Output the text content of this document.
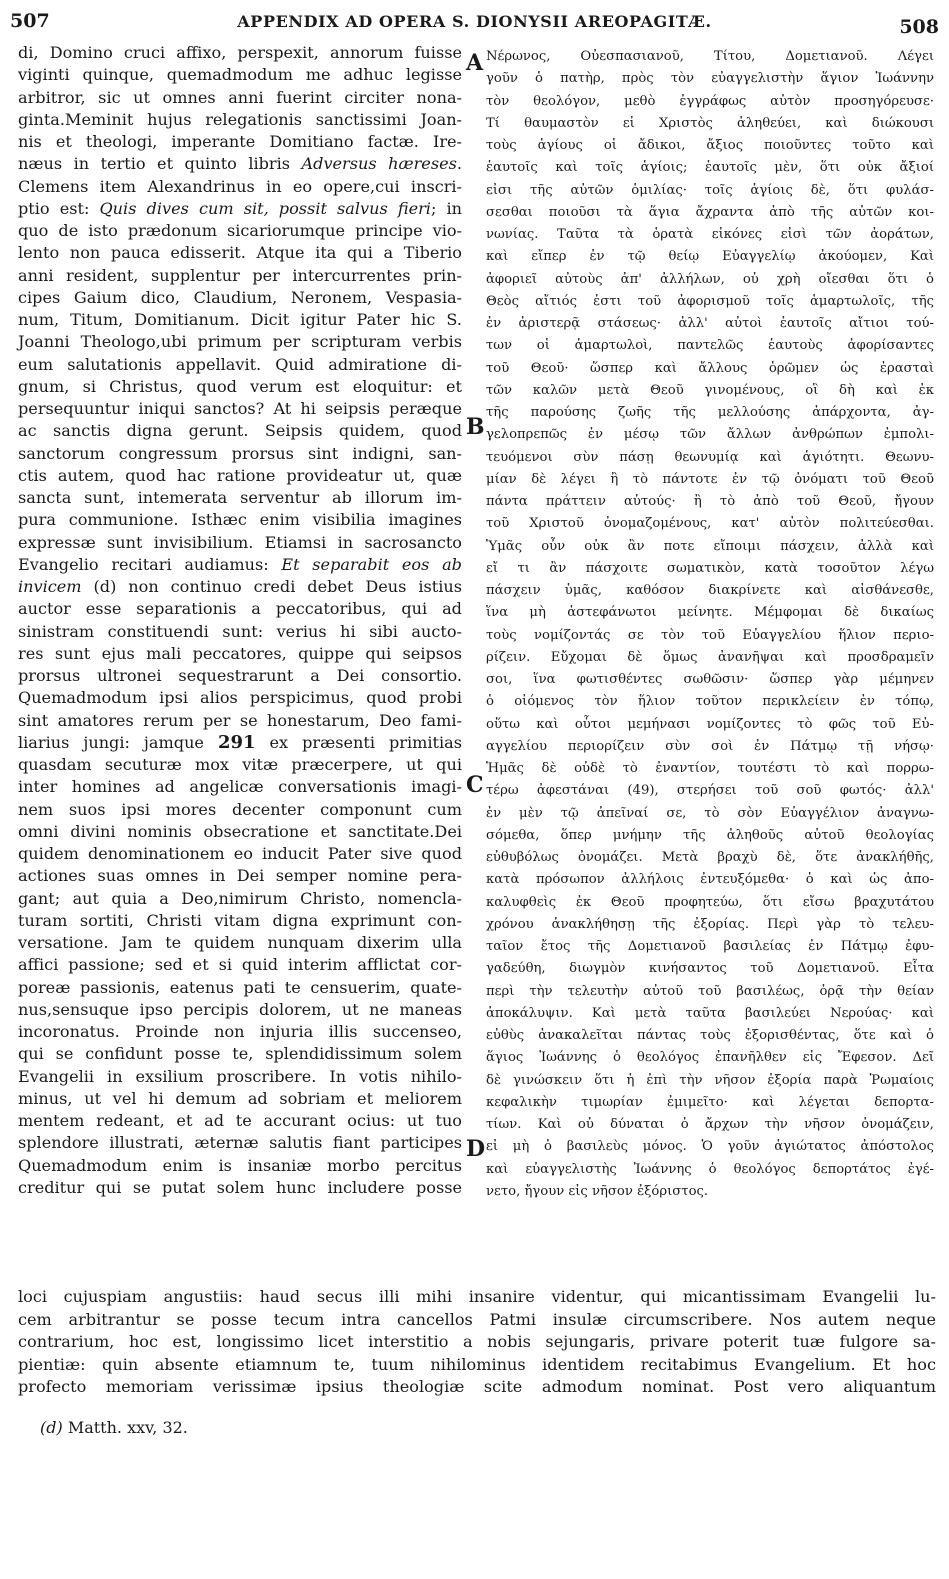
507	APPENDIX AD OPERA S. DIONYSII AREOPAGITÆ.	508
di, Domino cruci affixo, perspexit, annorum fuisse
viginti quinque, quemadmodum me adhuc legisse
arbitror, sic ut omnes anni fuerint circiter nona-
ginta.Meminit hujus relegationis sanctissimi Joan-
nis et theologi, imperante Domitiano factæ. Ire-
næus in tertio et quinto libris Adversus hæreses.
Clemens item Alexandrinus in eo opere,cui inscri-
ptio est: Quis dives cum sit, possit salvus fieri; in
quo de isto prædonum sicariorumque principe vio-
lento non pauca edisserit. Atque ita qui a Tiberio
anni resident, supplentur per intercurrentes prin-
cipes Gaium dico, Claudium, Neronem, Vespasia-
num, Titum, Domitianum. Dicit igitur Pater hic S.
Joanni Theologo,ubi primum per scripturam verbis
eum salutationis appellavit. Quid admiratione di-
gnum, si Christus, quod verum est eloquitur: et
persequuntur iniqui sanctos? At hi seipsis peræque
ac sanctis digna gerunt. Seipsis quidem, quod
sanctorum congressum prorsus sint indigni, san-
ctis autem, quod hac ratione provideatur ut, quæ
sancta sunt, intemerata serventur ab illorum im-
pura communione. Isthæc enim visibilia imagines
expressæ sunt invisibilium. Etiamsi in sacrosancto
Evangelio recitari audiamus: Et separabit eos ab
invicem (d) non continuo credi debet Deus istius
auctor esse separationis a peccatoribus, qui ad
sinistram constituendi sunt: verius hi sibi aucto-
res sunt ejus mali peccatores, quippe qui seipsos
prorsus ultronei sequestrarunt a Dei consortio.
Quemadmodum ipsi alios perspicimus, quod probi
sint amatores rerum per se honestarum, Deo fami-
liarius jungi: jamque 291 ex præsenti primitias
quasdam secuturæ mox vitæ præcerpere, ut qui
inter homines ad angelicæ conversationis imagi-
nem suos ipsi mores decenter componunt cum
omni divini nominis obsecratione et sanctitate.Dei
quidem denominationem eo inducit Pater sive quod
actiones suas omnes in Dei semper nomine pera-
gant; aut quia a Deo,nimirum Christo, nomencla-
turam sortiti, Christi vitam digna exprimunt con-
versatione. Jam te quidem nunquam dixerim ulla
affici passione; sed et si quid interim afflictat cor-
poreæ passionis, eatenus pati te censuerim, quate-
nus,sensuque ipso percipis dolorem, ut ne maneas
incoronatus. Proinde non injuria illis succenseo,
qui se confidunt posse te, splendidissimum solem
Evangelii in exsilium proscribere. In votis nihilo-
minus, ut vel hi demum ad sobriam et meliorem
mentem redeant, et ad te accurant ocius: ut tuo
splendore illustrati, æternæ salutis fiant participes
Quemadmodum enim is insaniæ morbo percitus
creditur qui se putat solem hunc includere posse
A
B
C
D
Νέρωνος, Οὐεσπασιανοῦ, Τίτου, Δομετιανοῦ. Λέγει
γοῦν ὁ πατὴρ, πρὸς τὸν εὐαγγελιστὴν ἅγιον Ἰωάννην
τὸν θεολόγον, μεθὸ ἐγγράφως αὐτὸν προσηγόρευσε·
Τί θαυμαστὸν εἰ Χριστὸς ἀληθεύει, καὶ διώκουσι
τοὺς ἁγίους οἱ ἄδικοι, ἄξιος ποιοῦντες τοῦτο καὶ
ἑαυτοῖς καὶ τοῖς ἁγίοις; ἑαυτοῖς μὲν, ὅτι οὐκ ἄξιοί
εἰσι τῆς αὐτῶν ὁμιλίας· τοῖς ἁγίοις δὲ, ὅτι φυλάσ-
σεσθαι ποιοῦσι τὰ ἅγια ἄχραντα ἀπὸ τῆς αὐτῶν κοι-
νωνίας. Ταῦτα τὰ ὁρατὰ εἰκόνες εἰσὶ τῶν ἀοράτων,
καὶ εἴπερ ἐν τῷ θείῳ Εὐαγγελίῳ ἀκούομεν, Καὶ
ἀφοριεῖ αὐτοὺς ἀπ' ἀλλήλων, οὐ χρὴ οἴεσθαι ὅτι ὁ
Θεὸς αἴτιός ἐστι τοῦ ἀφορισμοῦ τοῖς ἁμαρτωλοῖς, τῆς
ἐν ἀριστερᾷ στάσεως· ἀλλ' αὐτοὶ ἑαυτοῖς αἴτιοι τού-
των οἱ ἁμαρτωλοὶ, παντελῶς ἑαυτοὺς ἀφορίσαντες
τοῦ Θεοῦ· ὥσπερ καὶ ἄλλους ὁρῶμεν ὡς ἐρασταὶ
τῶν καλῶν μετὰ Θεοῦ γινομένους, οἳ δὴ καὶ ἐκ
τῆς παρούσης ζωῆς τῆς μελλούσης ἀπάρχοντα, ἀγ-
γελοπρεπῶς ἐν μέσῳ τῶν ἄλλων ἀνθρώπων ἐμπολι-
τευόμενοι σὺν πάσῃ θεωνυμίᾳ καὶ ἁγιότητι. Θεωνυ-
μίαν δὲ λέγει ἢ τὸ πάντοτε ἐν τῷ ὀνόματι τοῦ Θεοῦ
πάντα πράττειν αὐτούς· ἢ τὸ ἀπὸ τοῦ Θεοῦ, ἤγουν
τοῦ Χριστοῦ ὀνομαζομένους, κατ' αὐτὸν πολιτεύεσθαι.
Ὑμᾶς οὖν οὐκ ἂν ποτε εἴποιμι πάσχειν, ἀλλὰ καὶ
εἴ τι ἂν πάσχοιτε σωματικὸν, κατὰ τοσοῦτον λέγω
πάσχειν ὑμᾶς, καθόσον διακρίνετε καὶ αἰσθάνεσθε,
ἵνα μὴ ἀστεφάνωτοι μείνητε. Μέμφομαι δὲ δικαίως
τοὺς νομίζοντάς σε τὸν τοῦ Εὐαγγελίου ἥλιον περιο-
ρίζειν. Εὔχομαι δὲ ὅμως ἀνανῆψαι καὶ προσδραμεῖν
σοι, ἵνα φωτισθέντες σωθῶσιν· ὥσπερ γὰρ μέμηνεν
ὁ οἰόμενος τὸν ἥλιον τοῦτον περικλείειν ἐν τόπῳ,
οὕτω καὶ οὗτοι μεμήνασι νομίζοντες τὸ φῶς τοῦ Εὐ-
αγγελίου περιορίζειν σὺν σοὶ ἐν Πάτμῳ τῇ νήσῳ·
Ἡμᾶς δὲ οὐδὲ τὸ ἐναντίον, τουτέστι τὸ καὶ πορρω-
τέρω ἀφεστάναι (49), στερήσει τοῦ σοῦ φωτός· ἀλλ'
ἐν μὲν τῷ ἀπεῖναί σε, τὸ σὸν Εὐαγγέλιον ἀναγνω-
σόμεθα, ὅπερ μνήμην τῆς ἀληθοῦς αὐτοῦ θεολογίας
εὐθυβόλως ὀνομάζει. Μετὰ βραχὺ δὲ, ὅτε ἀνακλήθῆς,
κατὰ πρόσωπον ἀλλήλοις ἐντευξόμεθα· ὁ καὶ ὡς ἀπο-
καλυφθεὶς ἐκ Θεοῦ προφητεύω, ὅτι εἴσω βραχυτάτου
χρόνου ἀνακλήθησῃ τῆς ἐξορίας. Περὶ γὰρ τὸ τελευ-
ταῖον ἔτος τῆς Δομετιανοῦ βασιλείας ἐν Πάτμῳ ἐφυ-
γαδεύθη, διωγμὸν κινήσαντος τοῦ Δομετιανοῦ. Εἶτα
περὶ τὴν τελευτὴν αὐτοῦ τοῦ βασιλέως, ὁρᾷ τὴν θείαν
ἀποκάλυψιν. Καὶ μετὰ ταῦτα βασιλεύει Νερούας· καὶ
εὐθὺς ἀνακαλεῖται πάντας τοὺς ἐξορισθέντας, ὅτε καὶ ὁ
ἅγιος Ἰωάννης ὁ θεολόγος ἐπανῆλθεν εἰς Ἔφεσον. Δεῖ
δὲ γινώσκειν ὅτι ἡ ἐπὶ τὴν νῆσον ἐξορία παρὰ Ῥωμαίοις
κεφαλικὴν τιμωρίαν ἐμιμεῖτο· καὶ λέγεται δεπορτα-
τίων. Καὶ οὐ δύναται ὁ ἄρχων τὴν νῆσον ὀνομάζειν,
εἰ μὴ ὁ βασιλεὺς μόνος. Ὁ γοῦν ἁγιώτατος ἀπόστολος
καὶ εὐαγγελιστὴς Ἰωάννης ὁ θεολόγος δεπορτάτος ἐγέ-
νετο, ἤγουν εἰς νῆσον ἐξόριστος.
loci cujuspiam angustiis: haud secus illi mihi insanire videntur, qui micantissimam Evangelii lu-
cem arbitrantur se posse tecum intra cancellos Patmi insulæ circumscribere. Nos autem neque
contrarium, hoc est, longissimo licet interstitio a nobis sejungaris, privare poterit tuæ fulgore sa-
pientiæ: quin absente etiamnum te, tuum nihilominus identidem recitabimus Evangelium. Et hoc
profecto memoriam verissimæ ipsius theologiæ scite admodum nominat. Post vero aliquantum
(d) Matth. xxv, 32.
